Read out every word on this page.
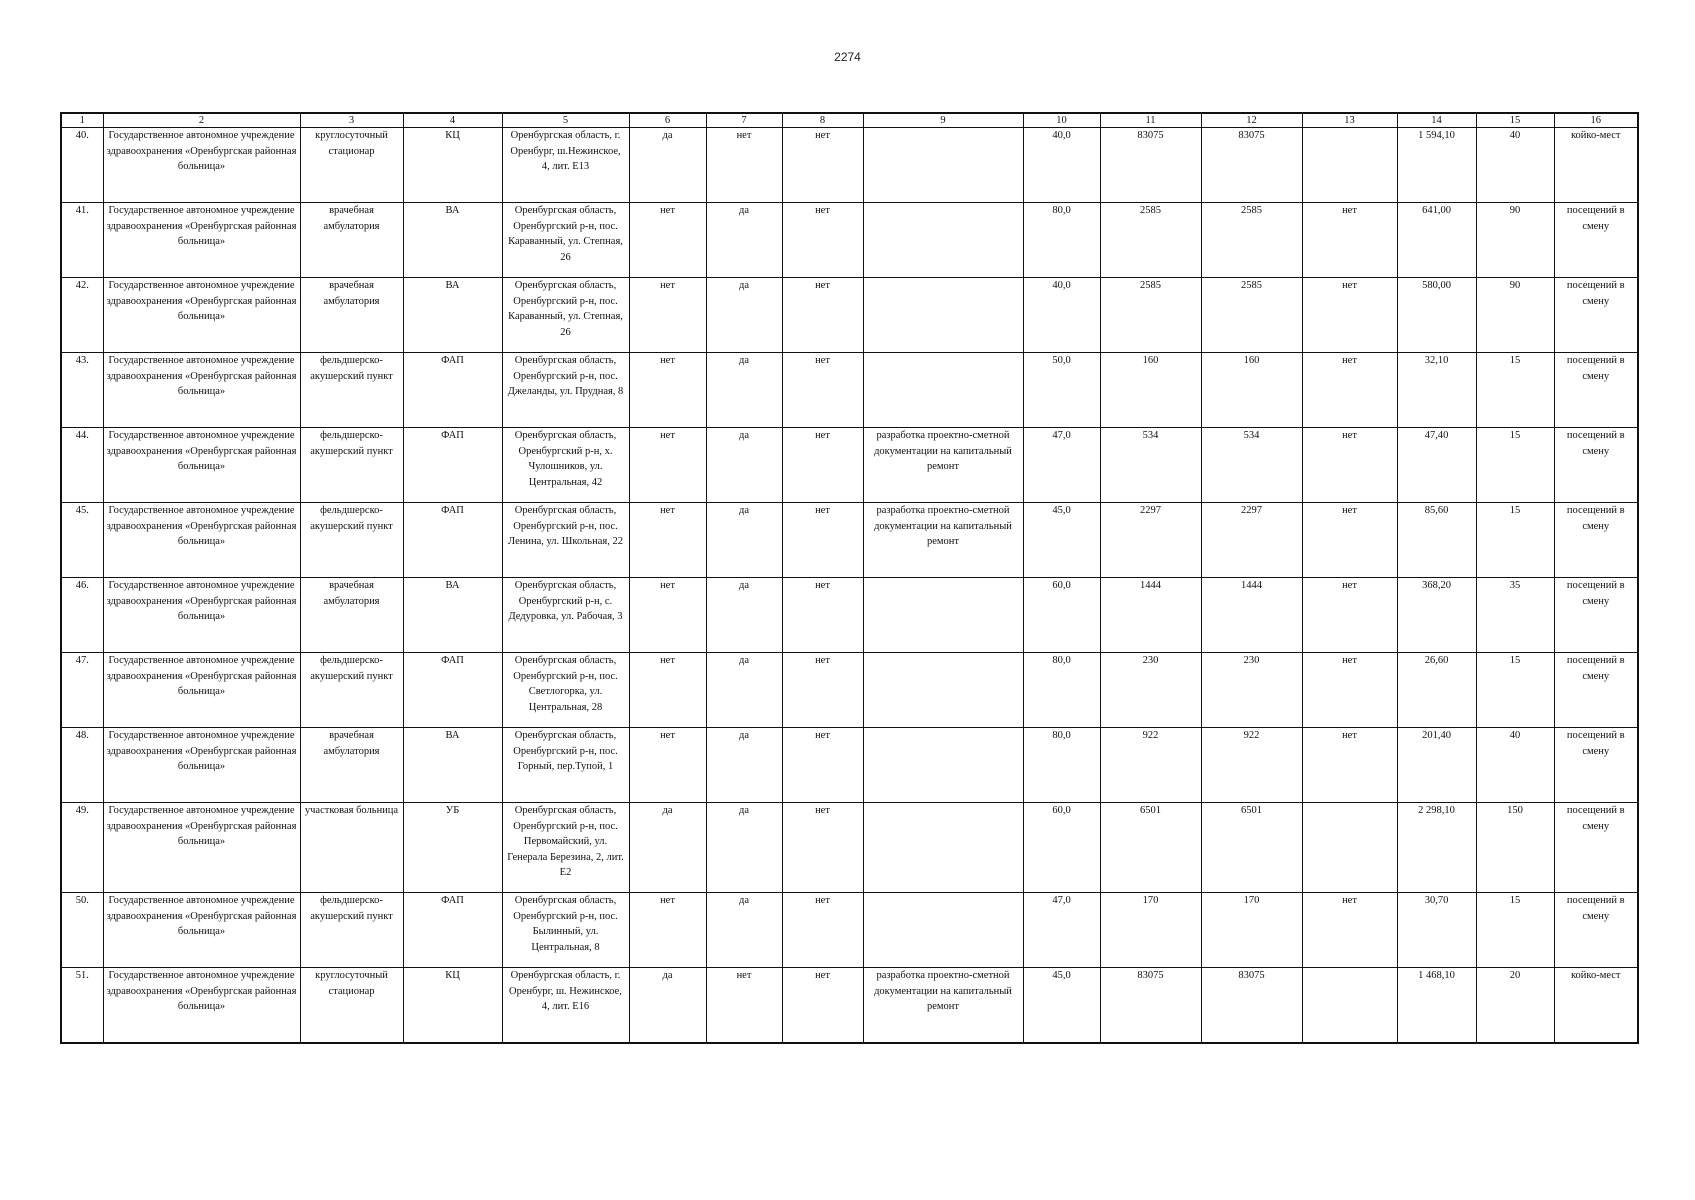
2274
1	2	3	4	5	6	7	8	9	10	11	12	13	14	15	16
40.	Государственное автономное учреждение здравоохранения «Оренбургская районная больница»	круглосуточный стационар	КЦ	Оренбургская область, г. Оренбург, ш.Нежинское, 4, лит. Е13	да	нет	нет		40,0	83075	83075		1 594,10	40	койко-мест
41.	Государственное автономное учреждение здравоохранения «Оренбургская районная больница»	врачебная амбулатория	ВА	Оренбургская область, Оренбургский р-н, пос. Караванный, ул. Степная, 26	нет	да	нет		80,0	2585	2585	нет	641,00	90	посещений в смену
42.	Государственное автономное учреждение здравоохранения «Оренбургская районная больница»	врачебная амбулатория	ВА	Оренбургская область, Оренбургский р-н, пос. Караванный, ул. Степная, 26	нет	да	нет		40,0	2585	2585	нет	580,00	90	посещений в смену
43.	Государственное автономное учреждение здравоохранения «Оренбургская районная больница»	фельдшерско-акушерский пункт	ФАП	Оренбургская область, Оренбургский р-н, пос. Джеланды, ул. Прудная, 8	нет	да	нет		50,0	160	160	нет	32,10	15	посещений в смену
44.	Государственное автономное учреждение здравоохранения «Оренбургская районная больница»	фельдшерско-акушерский пункт	ФАП	Оренбургская область, Оренбургский р-н, х. Чулошников, ул. Центральная, 42	нет	да	нет	разработка проектно-сметной документации на капитальный ремонт	47,0	534	534	нет	47,40	15	посещений в смену
45.	Государственное автономное учреждение здравоохранения «Оренбургская районная больница»	фельдшерско-акушерский пункт	ФАП	Оренбургская область, Оренбургский р-н, пос. Ленина, ул. Школьная, 22	нет	да	нет	разработка проектно-сметной документации на капитальный ремонт	45,0	2297	2297	нет	85,60	15	посещений в смену
46.	Государственное автономное учреждение здравоохранения «Оренбургская районная больница»	врачебная амбулатория	ВА	Оренбургская область, Оренбургский р-н, с. Дедуровка, ул. Рабочая, 3	нет	да	нет		60,0	1444	1444	нет	368,20	35	посещений в смену
47.	Государственное автономное учреждение здравоохранения «Оренбургская районная больница»	фельдшерско-акушерский пункт	ФАП	Оренбургская область, Оренбургский р-н, пос. Светлогорка, ул. Центральная, 28	нет	да	нет		80,0	230	230	нет	26,60	15	посещений в смену
48.	Государственное автономное учреждение здравоохранения «Оренбургская районная больница»	врачебная амбулатория	ВА	Оренбургская область, Оренбургский р-н, пос. Горный, пер.Тупой, 1	нет	да	нет		80,0	922	922	нет	201,40	40	посещений в смену
49.	Государственное автономное учреждение здравоохранения «Оренбургская районная больница»	участковая больница	УБ	Оренбургская область, Оренбургский р-н, пос. Первомайский, ул. Генерала Березина, 2, лит. Е2	да	да	нет		60,0	6501	6501		2 298,10	150	посещений в смену
50.	Государственное автономное учреждение здравоохранения «Оренбургская районная больница»	фельдшерско-акушерский пункт	ФАП	Оренбургская область, Оренбургский р-н, пос. Былинный, ул. Центральная, 8	нет	да	нет		47,0	170	170	нет	30,70	15	посещений в смену
51.	Государственное автономное учреждение здравоохранения «Оренбургская районная больница»	круглосуточный стационар	КЦ	Оренбургская область, г. Оренбург, ш. Нежинское, 4, лит. Е16	да	нет	нет	разработка проектно-сметной документации на капитальный ремонт	45,0	83075	83075		1 468,10	20	койко-мест
